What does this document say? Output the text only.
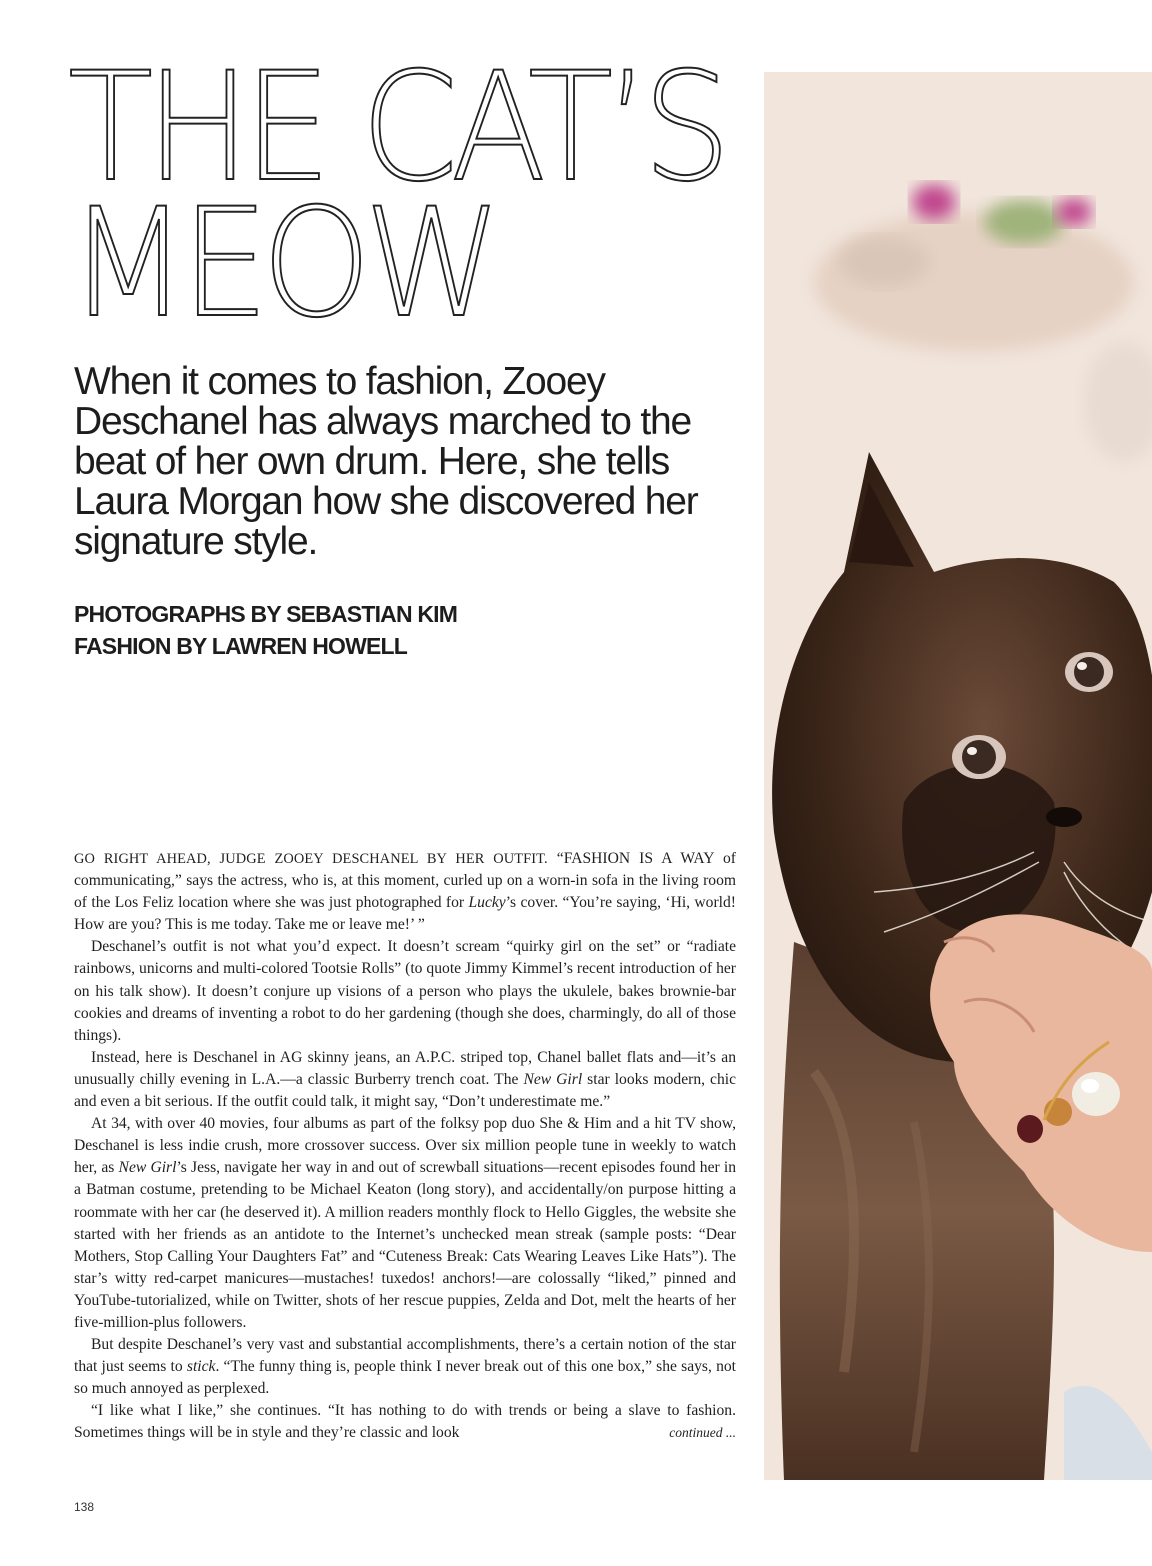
THE CAT’S
MEOW

When it comes to fashion, Zooey Deschanel has always marched to the beat of her own drum. Here, she tells Laura Morgan how she discovered her signature style.

PHOTOGRAPHS BY SEBASTIAN KIM
FASHION BY LAWREN HOWELL

GO RIGHT AHEAD, JUDGE ZOOEY DESCHANEL BY HER OUTFIT. “FASHION IS A WAY of communicating,” says the actress, who is, at this moment, curled up on a worn-in sofa in the living room of the Los Feliz location where she was just photographed for Lucky’s cover. “You’re saying, ‘Hi, world! How are you? This is me today. Take me or leave me!’ ”

Deschanel’s outfit is not what you’d expect. It doesn’t scream “quirky girl on the set” or “radiate rainbows, unicorns and multi-colored Tootsie Rolls” (to quote Jimmy Kimmel’s recent introduction of her on his talk show). It doesn’t conjure up visions of a person who plays the ukulele, bakes brownie-bar cookies and dreams of inventing a robot to do her gardening (though she does, charmingly, do all of those things).

Instead, here is Deschanel in AG skinny jeans, an A.P.C. striped top, Chanel ballet flats and—it’s an unusually chilly evening in L.A.—a classic Burberry trench coat. The New Girl star looks modern, chic and even a bit serious. If the outfit could talk, it might say, “Don’t underestimate me.”

At 34, with over 40 movies, four albums as part of the folksy pop duo She & Him and a hit TV show, Deschanel is less indie crush, more crossover success. Over six million people tune in weekly to watch her, as New Girl’s Jess, navigate her way in and out of screwball situations—recent episodes found her in a Batman costume, pretending to be Michael Keaton (long story), and accidentally/on purpose hitting a roommate with her car (he deserved it). A million readers monthly flock to Hello Giggles, the website she started with her friends as an antidote to the Internet’s unchecked mean streak (sample posts: “Dear Mothers, Stop Calling Your Daughters Fat” and “Cuteness Break: Cats Wearing Leaves Like Hats”). The star’s witty red-carpet manicures—mustaches! tuxedos! anchors!—are colossally “liked,” pinned and YouTube-tutorialized, while on Twitter, shots of her rescue puppies, Zelda and Dot, melt the hearts of her five-million-plus followers.

But despite Deschanel’s very vast and substantial accomplishments, there’s a certain notion of the star that just seems to stick. “The funny thing is, people think I never break out of this one box,” she says, not so much annoyed as perplexed.

“I like what I like,” she continues. “It has nothing to do with trends or being a slave to fashion. Sometimes things will be in style and they’re classic and look	continued ...

138
